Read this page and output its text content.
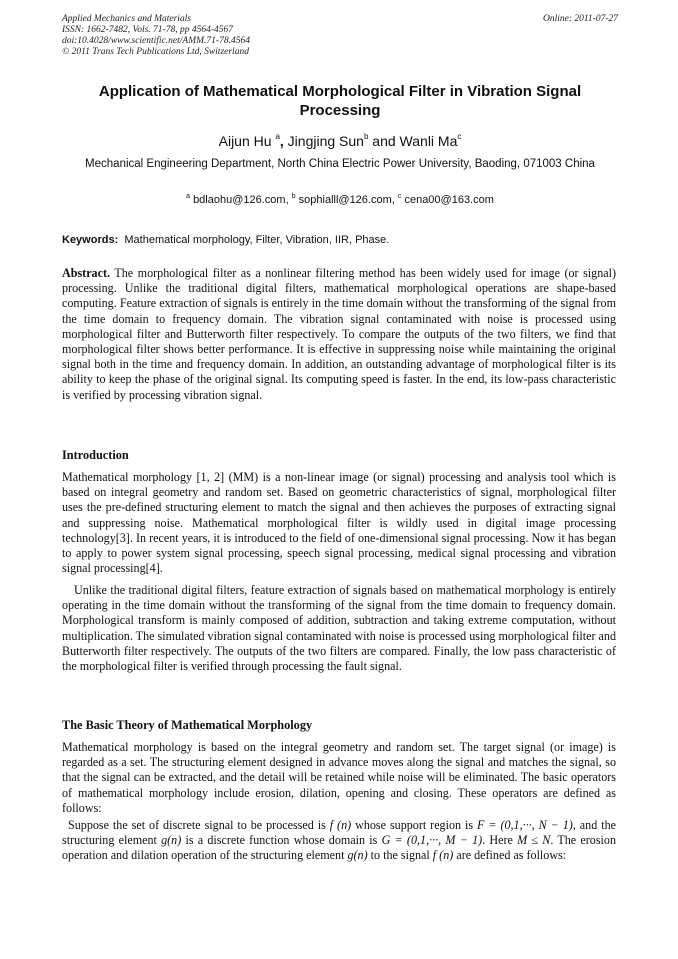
Applied Mechanics and Materials
ISSN: 1662-7482, Vols. 71-78, pp 4564-4567
doi:10.4028/www.scientific.net/AMM.71-78.4564
© 2011 Trans Tech Publications Ltd, Switzerland
Online: 2011-07-27
Application of Mathematical Morphological Filter in Vibration Signal Processing
Aijun Hu $^a$, Jingjing Sun$^b$ and Wanli Ma$^c$
Mechanical Engineering Department, North China Electric Power University, Baoding, 071003 China
$^a$ bdlaohu@126.com, $^b$ sophialll@126.com, $^c$ cena00@163.com
Keywords: Mathematical morphology, Filter, Vibration, IIR, Phase.
Abstract. The morphological filter as a nonlinear filtering method has been widely used for image (or signal) processing. Unlike the traditional digital filters, mathematical morphological operations are shape-based computing. Feature extraction of signals is entirely in the time domain without the transforming of the signal from the time domain to frequency domain. The vibration signal contaminated with noise is processed using morphological filter and Butterworth filter respectively. To compare the outputs of the two filters, we find that morphological filter shows better performance. It is effective in suppressing noise while maintaining the original signal both in the time and frequency domain. In addition, an outstanding advantage of morphological filter is its ability to keep the phase of the original signal. Its computing speed is faster. In the end, its low-pass characteristic is verified by processing vibration signal.
Introduction

Mathematical morphology [1, 2] (MM) is a non-linear image (or signal) processing and analysis tool which is based on integral geometry and random set. Based on geometric characteristics of signal, morphological filter uses the pre-defined structuring element to match the signal and then achieves the purposes of extracting signal and suppressing noise. Mathematical morphological filter is wildly used in digital image processing technology[3]. In recent years, it is introduced to the field of one-dimensional signal processing. Now it has began to apply to power system signal processing, speech signal processing, medical signal processing and vibration signal processing[4].

Unlike the traditional digital filters, feature extraction of signals based on mathematical morphology is entirely operating in the time domain without the transforming of the signal from the time domain to frequency domain. Morphological transform is mainly composed of addition, subtraction and taking extreme computation, without multiplication. The simulated vibration signal contaminated with noise is processed using morphological filter and Butterworth filter respectively. The outputs of the two filters are compared. Finally, the low pass characteristic of the morphological filter is verified through processing the fault signal.

The Basic Theory of Mathematical Morphology

Mathematical morphology is based on the integral geometry and random set. The target signal (or image) is regarded as a set. The structuring element designed in advance moves along the signal and matches the signal, so that the signal can be extracted, and the detail will be retained while noise will be eliminated. The basic operators of mathematical morphology include erosion, dilation, opening and closing. These operators are defined as follows:

Suppose the set of discrete signal to be processed is f (n) whose support region is F = (0,1,···, N − 1), and the structuring element g(n) is a discrete function whose domain is G = (0,1,···, M − 1). Here M ≤ N. The erosion operation and dilation operation of the structuring element g(n) to the signal f (n) are defined as follows:
